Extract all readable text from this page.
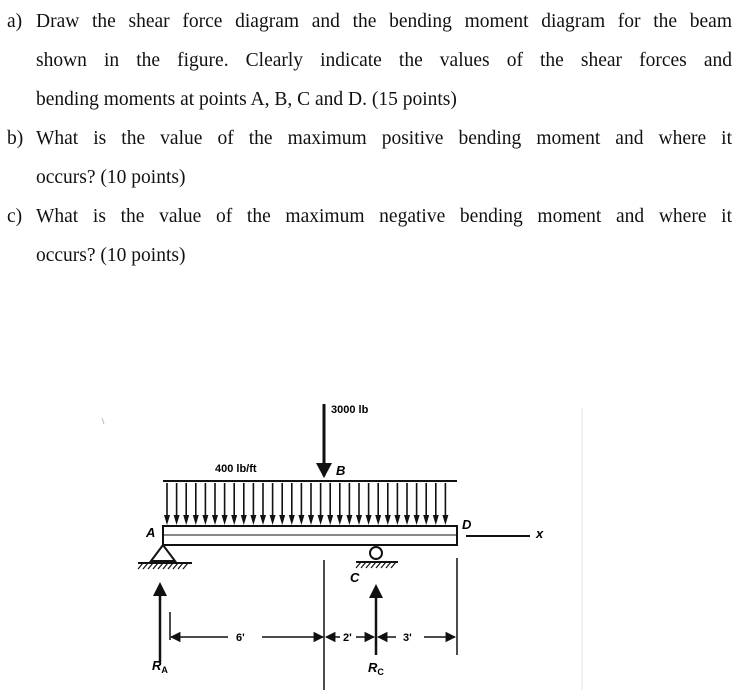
a) Draw the shear force diagram and the bending moment diagram for the beam
shown in the figure. Clearly indicate the values of the shear forces and
bending moments at points A, B, C and D. (15 points)
b) What is the value of the maximum positive bending moment and where it
occurs? (10 points)
c) What is the value of the maximum negative bending moment and where it
occurs? (10 points)
3000 lb
B
400 lb/ft
A
D
x
C
RA	RC
6'	2'	3'
